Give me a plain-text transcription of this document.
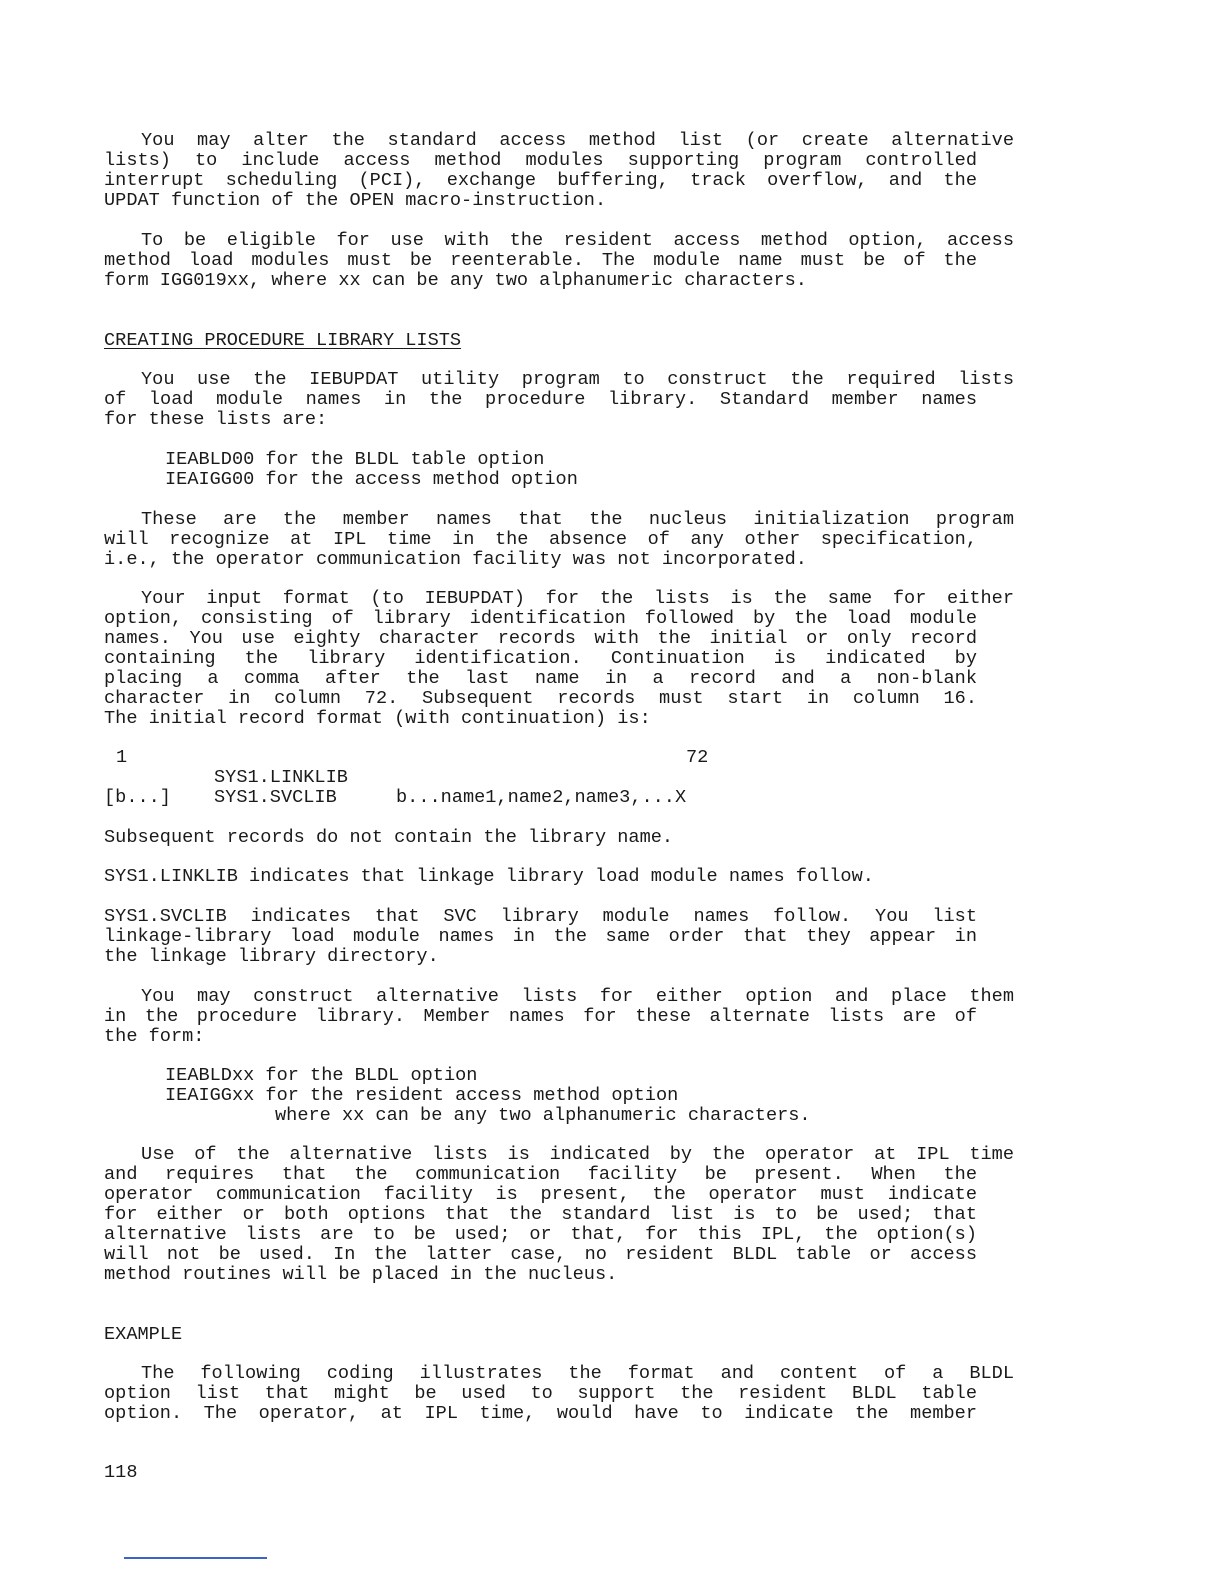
You may alter the standard access method list (or create alternative
lists) to include access method modules supporting program controlled
interrupt scheduling (PCI), exchange buffering, track overflow, and the
UPDAT function of the OPEN macro-instruction.
To be eligible for use with the resident access method option, access
method load modules must be reenterable. The module name must be of the
form IGG019xx, where xx can be any two alphanumeric characters.
CREATING PROCEDURE LIBRARY LISTS
You use the IEBUPDAT utility program to construct the required lists
of load module names in the procedure library. Standard member names
for these lists are:
IEABLD00 for the BLDL table option
IEAIGG00 for the access method option
These are the member names that the nucleus initialization program
will recognize at IPL time in the absence of any other specification,
i.e., the operator communication facility was not incorporated.
Your input format (to IEBUPDAT) for the lists is the same for either
option, consisting of library identification followed by the load module
names. You use eighty character records with the initial or only record
containing the library identification. Continuation is indicated by
placing a comma after the last name in a record and a non-blank
character in column 72. Subsequent records must start in column 16.
The initial record format (with continuation) is:
1	72
SYS1.LINKLIB
[b...] SYS1.SVCLIB	b...name1,name2,name3,...X
Subsequent records do not contain the library name.
SYS1.LINKLIB indicates that linkage library load module names follow.
SYS1.SVCLIB indicates that SVC library module names follow. You list
linkage-library load module names in the same order that they appear in
the linkage library directory.
You may construct alternative lists for either option and place them
in the procedure library. Member names for these alternate lists are of
the form:
IEABLDxx for the BLDL option
IEAIGGxx for the resident access method option
where xx can be any two alphanumeric characters.
Use of the alternative lists is indicated by the operator at IPL time
and requires that the communication facility be present. When the
operator communication facility is present, the operator must indicate
for either or both options that the standard list is to be used; that
alternative lists are to be used; or that, for this IPL, the option(s)
will not be used. In the latter case, no resident BLDL table or access
method routines will be placed in the nucleus.
EXAMPLE
The following coding illustrates the format and content of a BLDL
option list that might be used to support the resident BLDL table
option. The operator, at IPL time, would have to indicate the member
118
